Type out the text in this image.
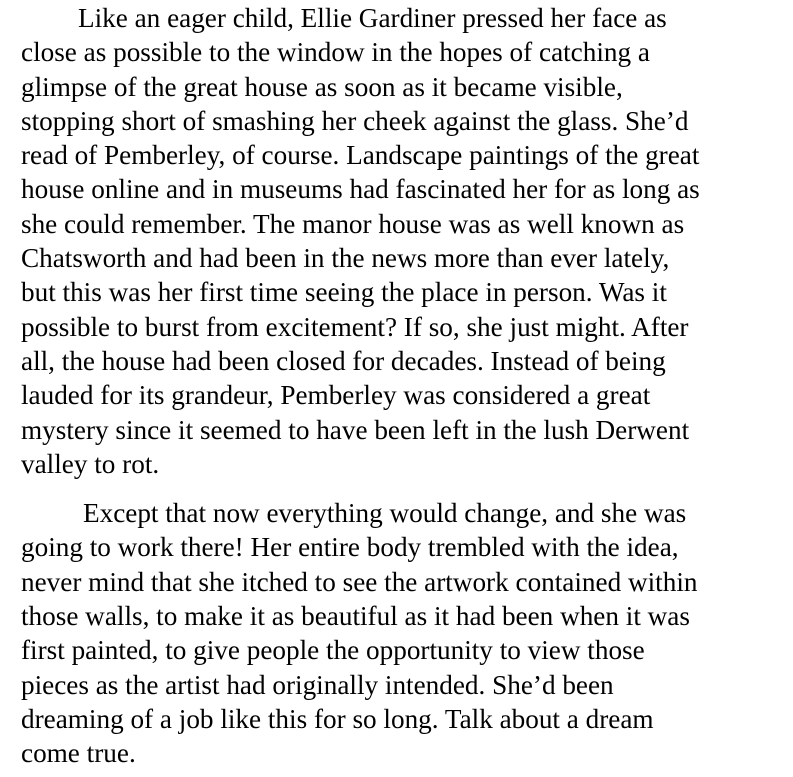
Like an eager child, Ellie Gardiner pressed her face as
close as possible to the window in the hopes of catching a
glimpse of the great house as soon as it became visible,
stopping short of smashing her cheek against the glass. She’d
read of Pemberley, of course. Landscape paintings of the great
house online and in museums had fascinated her for as long as
she could remember. The manor house was as well known as
Chatsworth and had been in the news more than ever lately,
but this was her first time seeing the place in person. Was it
possible to burst from excitement? If so, she just might. After
all, the house had been closed for decades. Instead of being
lauded for its grandeur, Pemberley was considered a great
mystery since it seemed to have been left in the lush Derwent
valley to rot.

Except that now everything would change, and she was
going to work there! Her entire body trembled with the idea,
never mind that she itched to see the artwork contained within
those walls, to make it as beautiful as it had been when it was
first painted, to give people the opportunity to view those
pieces as the artist had originally intended. She’d been
dreaming of a job like this for so long. Talk about a dream
come true.
